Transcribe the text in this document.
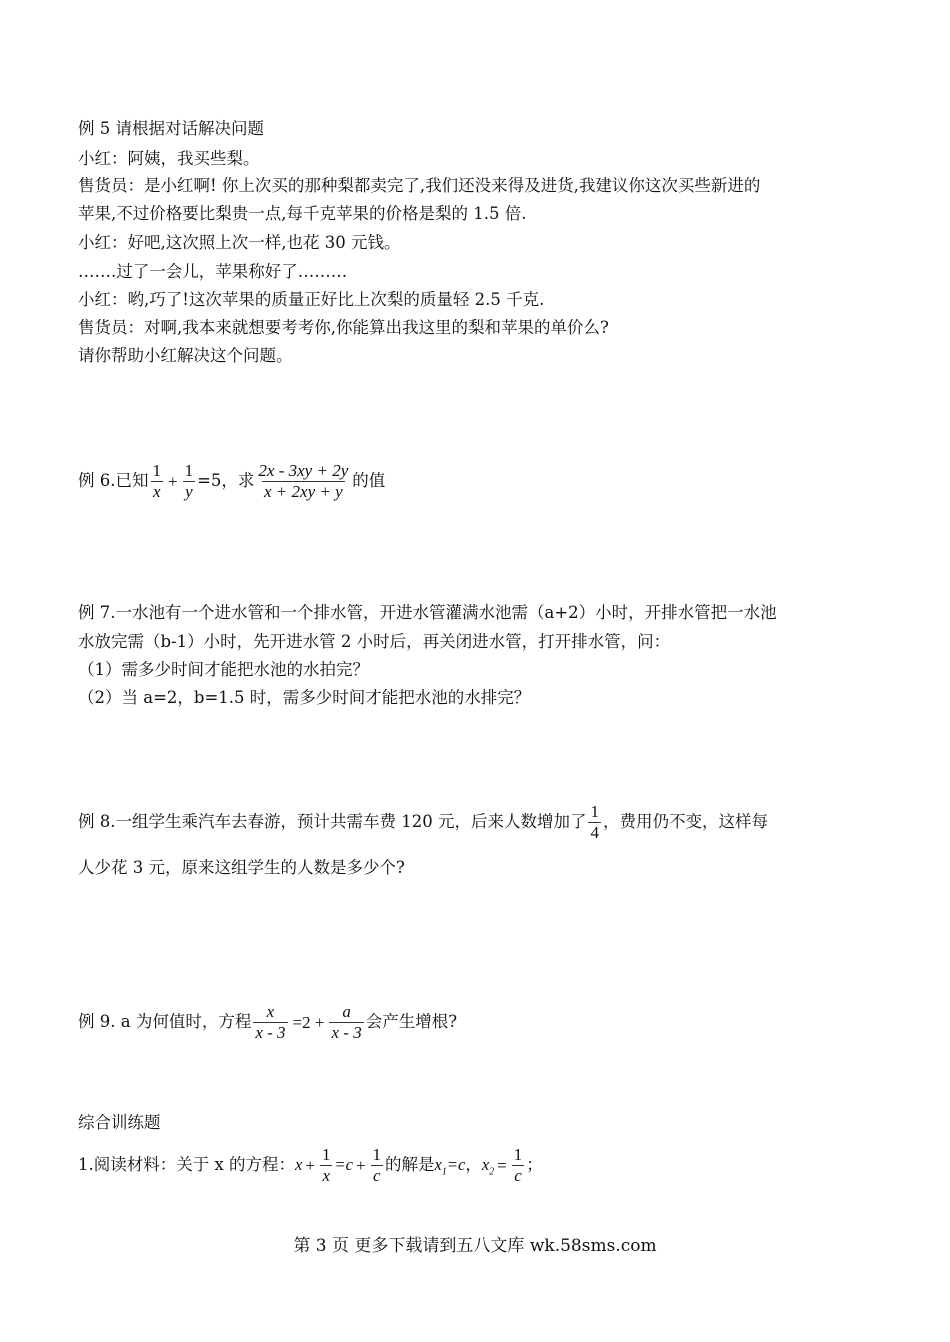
例 5 请根据对话解决问题
小红：阿姨，我买些梨。
售货员：是小红啊! 你上次买的那种梨都卖完了,我们还没来得及进货,我建议你这次买些新进的
苹果,不过价格要比梨贵一点,每千克苹果的价格是梨的 1.5 倍.
小红：好吧,这次照上次一样,也花 30 元钱。
…….过了一会儿，苹果称好了………
小红：哟,巧了!这次苹果的质量正好比上次梨的质量轻 2.5 千克.
售货员：对啊,我本来就想要考考你,你能算出我这里的梨和苹果的单价么?
请你帮助小红解决这个问题。
例 6.已知 $\frac{1}{x} + \frac{1}{y} =5$，求 $\frac{2x - 3xy + 2y}{x + 2xy + y}$ 的值
例 7.一水池有一个进水管和一个排水管，开进水管灌满水池需（a+2）小时，开排水管把一水池
水放完需（b-1）小时，先开进水管 2 小时后，再关闭进水管，打开排水管，问：
（1）需多少时间才能把水池的水拍完？
（2）当 a=2，b=1.5 时，需多少时间才能把水池的水排完？
例 8.一组学生乘汽车去春游，预计共需车费 120 元，后来人数增加了 $\frac{1}{4}$ ，费用仍不变，这样每
人少花 3 元，原来这组学生的人数是多少个?
例 9. a 为何值时，方程 $\frac{x}{x - 3} =2 + \frac{a}{x - 3}$ 会产生增根?
综合训练题
1.阅读材料：关于 x 的方程：$x + \frac{1}{x} =c + \frac{1}{c}$ 的解是$x_1=c$，$x_2 = \frac{1}{c}$ ；
第 3 页 更多下载请到五八文库 wk.58sms.com
